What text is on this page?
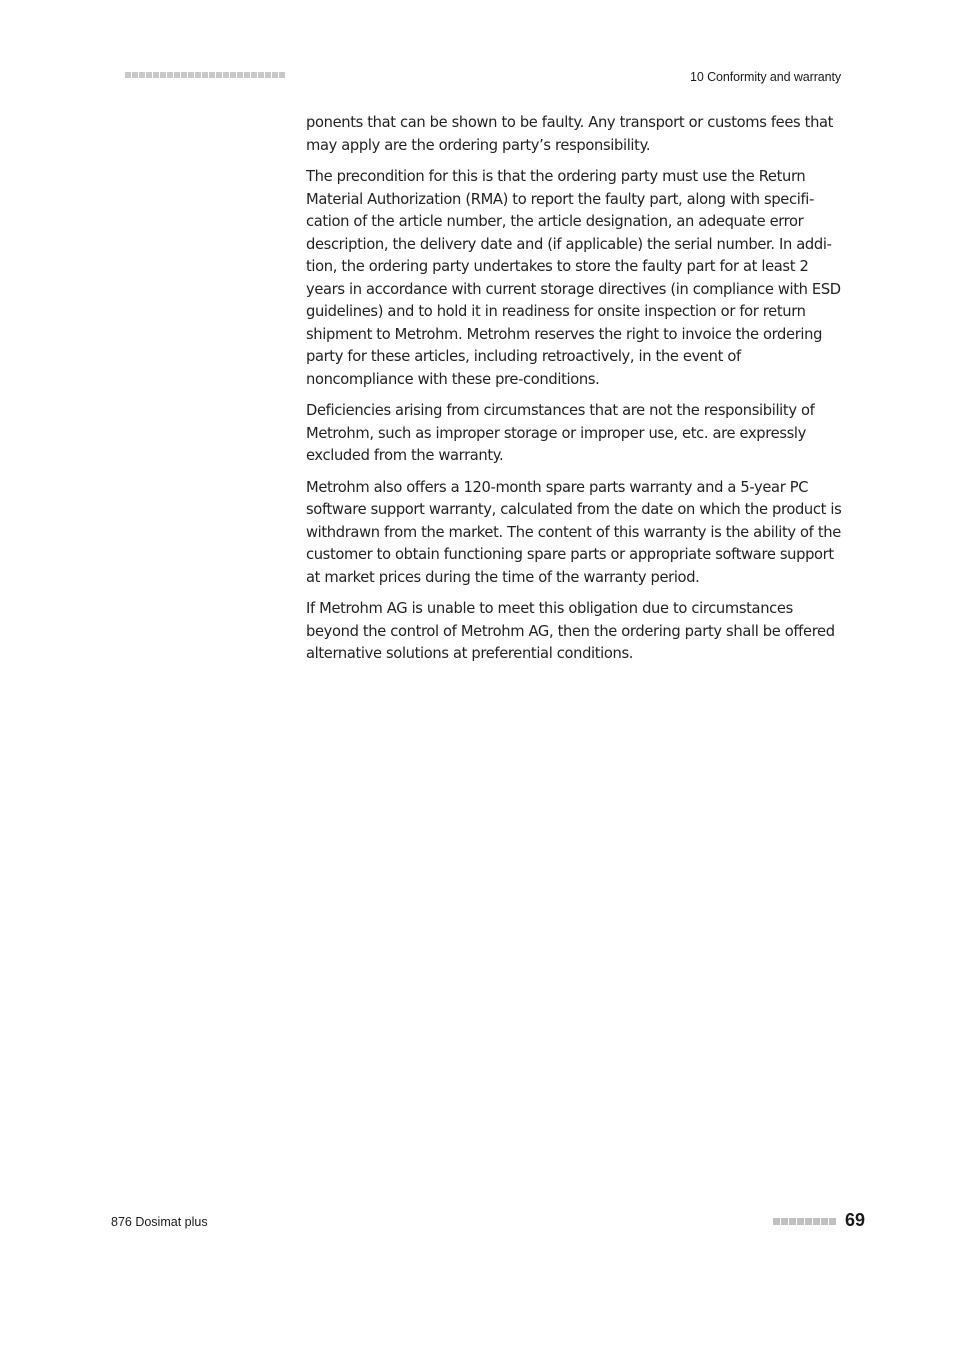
10 Conformity and warranty

ponents that can be shown to be faulty. Any transport or customs fees that may apply are the ordering party’s responsibility.

The precondition for this is that the ordering party must use the Return Material Authorization (RMA) to report the faulty part, along with specification of the article number, the article designation, an adequate error description, the delivery date and (if applicable) the serial number. In addition, the ordering party undertakes to store the faulty part for at least 2 years in accordance with current storage directives (in compliance with ESD guidelines) and to hold it in readiness for onsite inspection or for return shipment to Metrohm. Metrohm reserves the right to invoice the ordering party for these articles, including retroactively, in the event of noncompliance with these pre-conditions.

Deficiencies arising from circumstances that are not the responsibility of Metrohm, such as improper storage or improper use, etc. are expressly excluded from the warranty.

Metrohm also offers a 120-month spare parts warranty and a 5-year PC software support warranty, calculated from the date on which the product is withdrawn from the market. The content of this warranty is the ability of the customer to obtain functioning spare parts or appropriate software support at market prices during the time of the warranty period.

If Metrohm AG is unable to meet this obligation due to circumstances beyond the control of Metrohm AG, then the ordering party shall be offered alternative solutions at preferential conditions.

876 Dosimat plus	69
